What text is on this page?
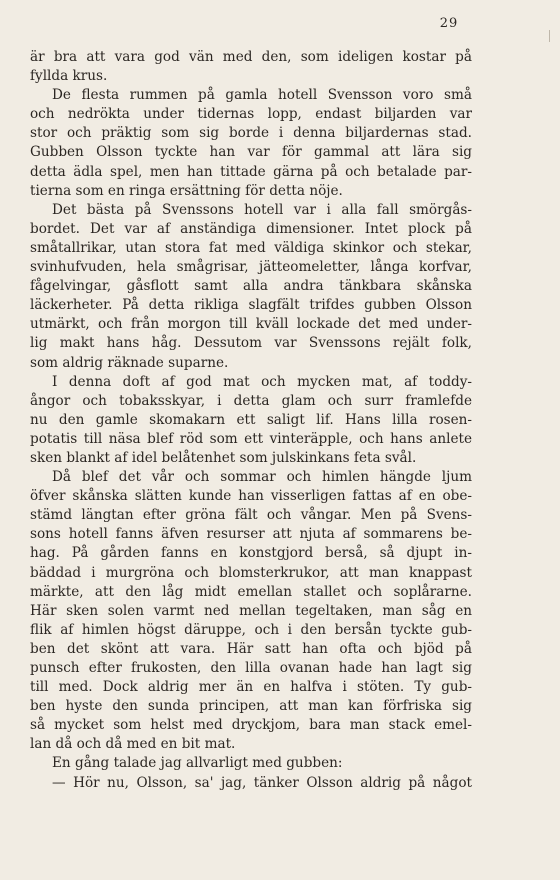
29
är bra att vara god vän med den, som ideligen kostar på
fyllda krus.
De flesta rummen på gamla hotell Svensson voro små
och nedrökta under tidernas lopp, endast biljarden var
stor och präktig som sig borde i denna biljardernas stad.
Gubben Olsson tyckte han var för gammal att lära sig
detta ädla spel, men han tittade gärna på och betalade par-
tierna som en ringa ersättning för detta nöje.
Det bästa på Svenssons hotell var i alla fall smörgås-
bordet. Det var af anständiga dimensioner. Intet plock på
småtallrikar, utan stora fat med väldiga skinkor och stekar,
svinhufvuden, hela smågrisar, jätteomeletter, långa korfvar,
fågelvingar, gåsflott samt alla andra tänkbara skånska
läckerheter. På detta rikliga slagfält trifdes gubben Olsson
utmärkt, och från morgon till kväll lockade det med under-
lig makt hans håg. Dessutom var Svenssons rejält folk,
som aldrig räknade suparne.
I denna doft af god mat och mycken mat, af toddy-
ångor och tobaksskyar, i detta glam och surr framlefde
nu den gamle skomakarn ett saligt lif. Hans lilla rosen-
potatis till näsa blef röd som ett vinteräpple, och hans anlete
sken blankt af idel belåtenhet som julskinkans feta svål.
Då blef det vår och sommar och himlen hängde ljum
öfver skånska slätten kunde han visserligen fattas af en obe-
stämd längtan efter gröna fält och vångar. Men på Svens-
sons hotell fanns äfven resurser att njuta af sommarens be-
hag. På gården fanns en konstgjord berså, så djupt in-
bäddad i murgröna och blomsterkrukor, att man knappast
märkte, att den låg midt emellan stallet och soplårarne.
Här sken solen varmt ned mellan tegeltaken, man såg en
flik af himlen högst däruppe, och i den bersån tyckte gub-
ben det skönt att vara. Här satt han ofta och bjöd på
punsch efter frukosten, den lilla ovanan hade han lagt sig
till med. Dock aldrig mer än en halfva i stöten. Ty gub-
ben hyste den sunda principen, att man kan förfriska sig
så mycket som helst med dryckjom, bara man stack emel-
lan då och då med en bit mat.
En gång talade jag allvarligt med gubben:
— Hör nu, Olsson, sa' jag, tänker Olsson aldrig på något
